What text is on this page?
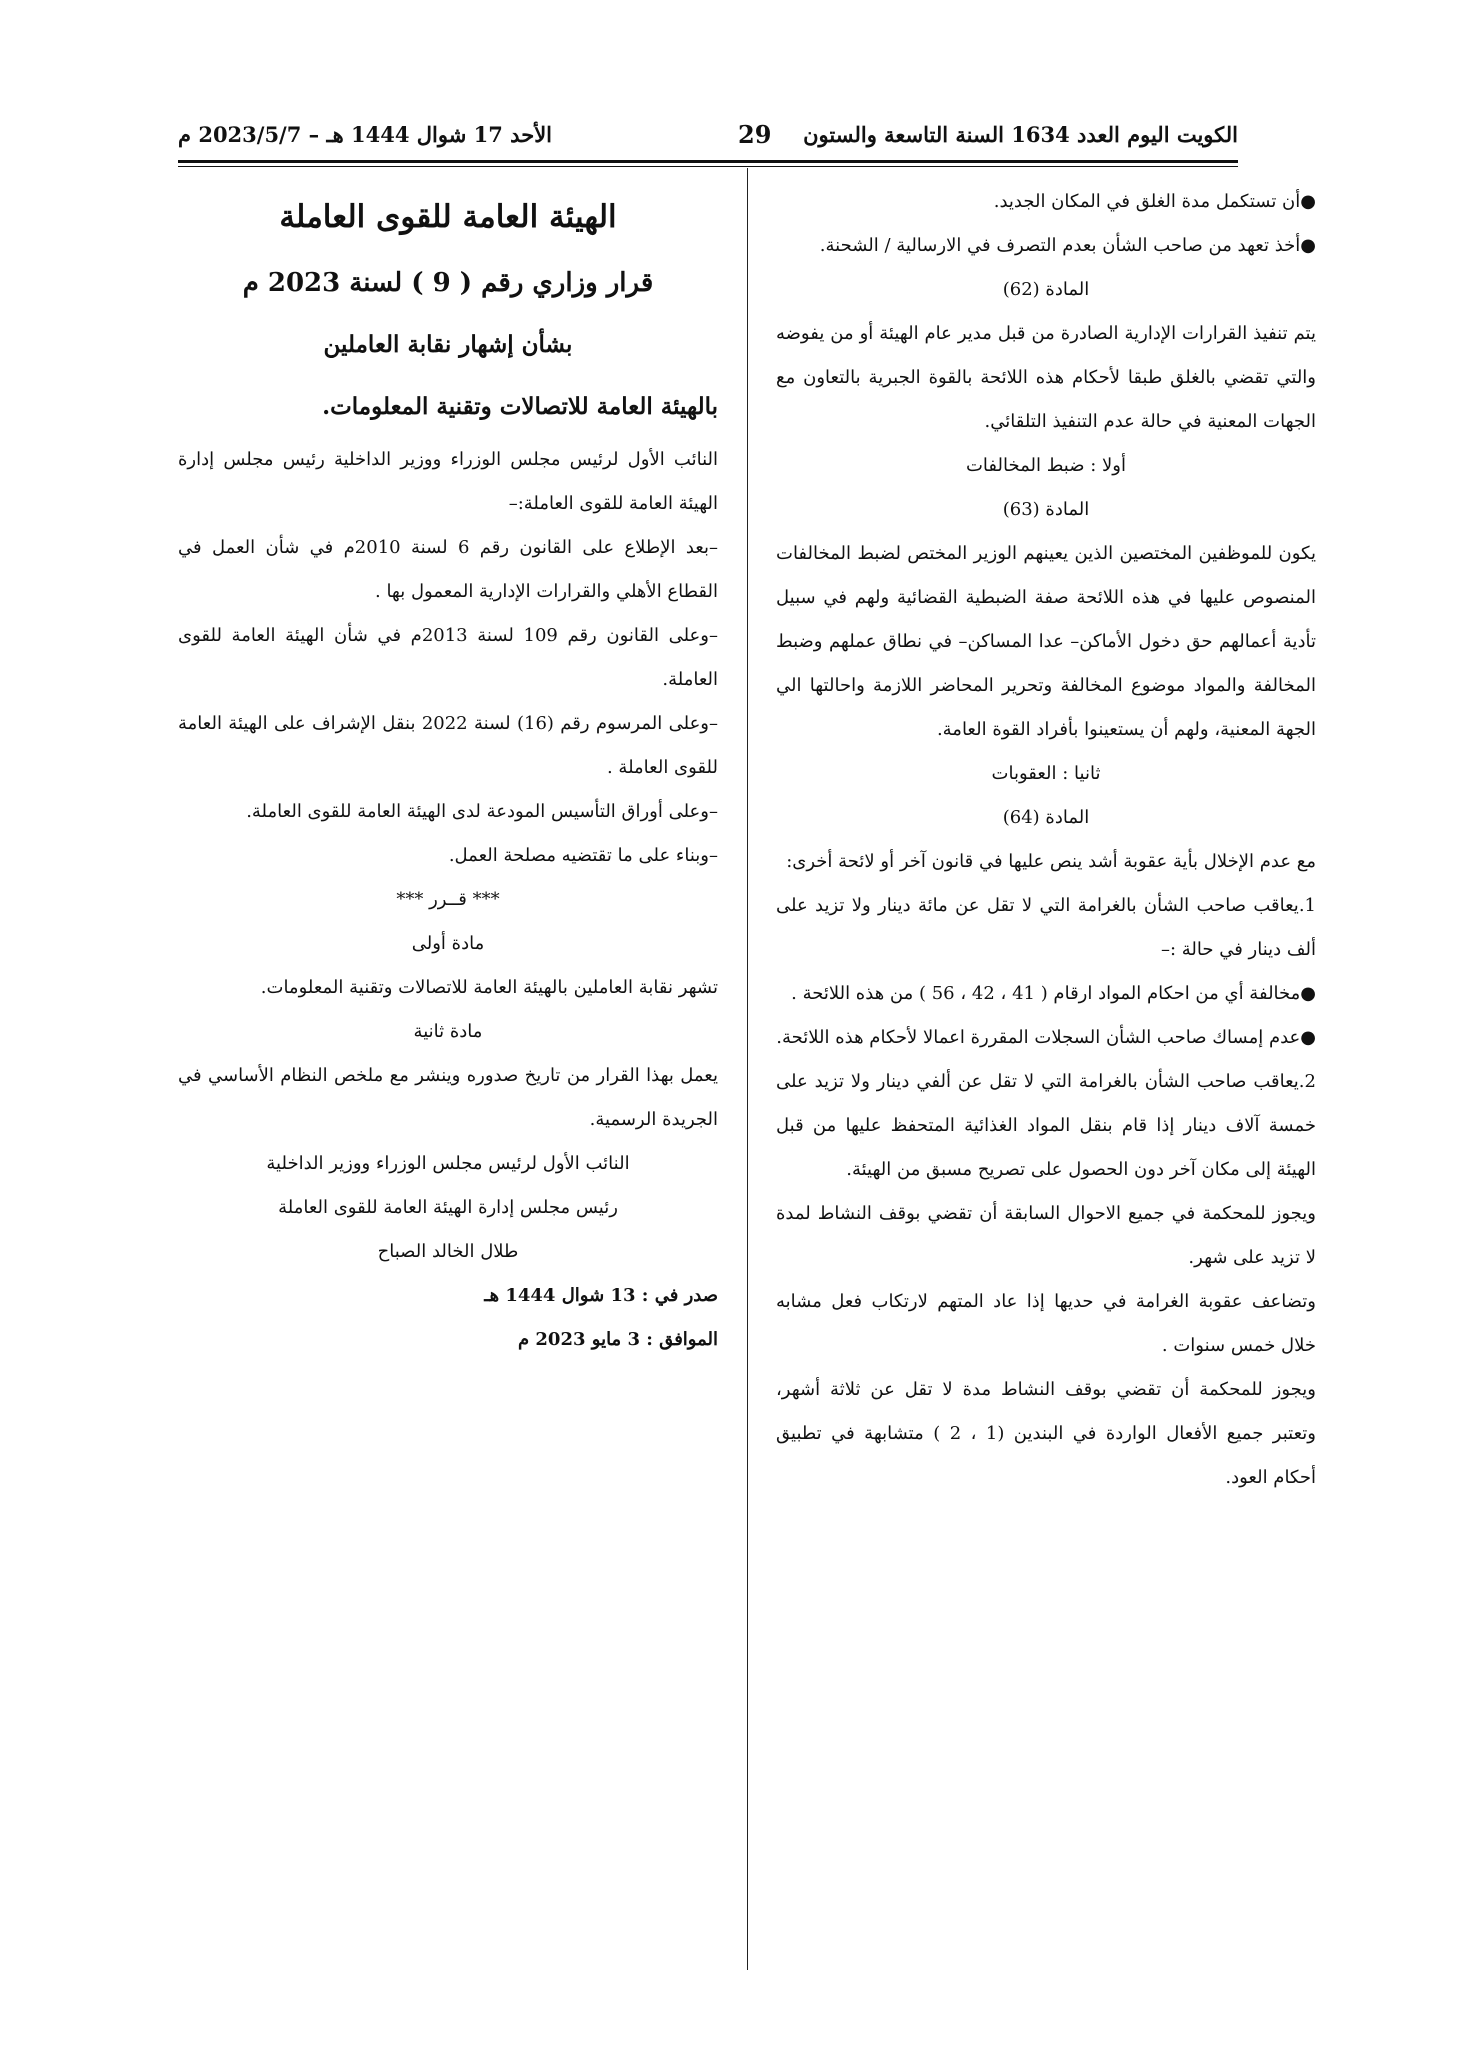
الكويت اليوم العدد 1634 السنة التاسعة والستون
29
الأحد 17 شوال 1444 هـ – 2023/5/7 م

●أن تستكمل مدة الغلق في المكان الجديد.

●أخذ تعهد من صاحب الشأن بعدم التصرف في الارسالية / الشحنة.

المادة (62)

يتم تنفيذ القرارات الإدارية الصادرة من قبل مدير عام الهيئة أو من يفوضه والتي تقضي بالغلق طبقا لأحكام هذه اللائحة بالقوة الجبرية بالتعاون مع الجهات المعنية في حالة عدم التنفيذ التلقائي.

أولا : ضبط المخالفات

المادة (63)

يكون للموظفين المختصين الذين يعينهم الوزير المختص لضبط المخالفات المنصوص عليها في هذه اللائحة صفة الضبطية القضائية ولهم في سبيل تأدية أعمالهم حق دخول الأماكن– عدا المساكن– في نطاق عملهم وضبط المخالفة والمواد موضوع المخالفة وتحرير المحاضر اللازمة واحالتها الي الجهة المعنية، ولهم أن يستعينوا بأفراد القوة العامة.

ثانيا : العقوبات

المادة (64)

مع عدم الإخلال بأية عقوبة أشد ينص عليها في قانون آخر أو لائحة أخرى:

1.يعاقب صاحب الشأن بالغرامة التي لا تقل عن مائة دينار ولا تزيد على ألف دينار في حالة :–

●مخالفة أي من احكام المواد ارقام ( 41 ، 42 ، 56 ) من هذه اللائحة .

●عدم إمساك صاحب الشأن السجلات المقررة اعمالا لأحكام هذه اللائحة.

2.يعاقب صاحب الشأن بالغرامة التي لا تقل عن ألفي دينار ولا تزيد على خمسة آلاف دينار إذا قام بنقل المواد الغذائية المتحفظ عليها من قبل الهيئة إلى مكان آخر دون الحصول على تصريح مسبق من الهيئة.

ويجوز للمحكمة في جميع الاحوال السابقة أن تقضي بوقف النشاط لمدة لا تزيد على شهر.

وتضاعف عقوبة الغرامة في حديها إذا عاد المتهم لارتكاب فعل مشابه خلال خمس سنوات .

ويجوز للمحكمة أن تقضي بوقف النشاط مدة لا تقل عن ثلاثة أشهر، وتعتبر جميع الأفعال الواردة في البندين (1 ، 2 ) متشابهة في تطبيق أحكام العود.

الهيئة العامة للقوى العاملة
قرار وزاري رقم ( 9 ) لسنة 2023 م
بشأن إشهار نقابة العاملين
بالهيئة العامة للاتصالات وتقنية المعلومات.

النائب الأول لرئيس مجلس الوزراء ووزير الداخلية رئيس مجلس إدارة الهيئة العامة للقوى العاملة:–

–بعد الإطلاع على القانون رقم 6 لسنة 2010م في شأن العمل في القطاع الأهلي والقرارات الإدارية المعمول بها .

–وعلى القانون رقم 109 لسنة 2013م في شأن الهيئة العامة للقوى العاملة.

–وعلى المرسوم رقم (16) لسنة 2022 بنقل الإشراف على الهيئة العامة للقوى العاملة .

–وعلى أوراق التأسيس المودعة لدى الهيئة العامة للقوى العاملة.

–وبناء على ما تقتضيه مصلحة العمل.

*** قــرر ***

مادة أولى

تشهر نقابة العاملين بالهيئة العامة للاتصالات وتقنية المعلومات.

مادة ثانية

يعمل بهذا القرار من تاريخ صدوره وينشر مع ملخص النظام الأساسي في الجريدة الرسمية.

النائب الأول لرئيس مجلس الوزراء ووزير الداخلية

رئيس مجلس إدارة الهيئة العامة للقوى العاملة

طلال الخالد الصباح

صدر في : 13 شوال 1444 هـ

الموافق : 3 مايو 2023 م
